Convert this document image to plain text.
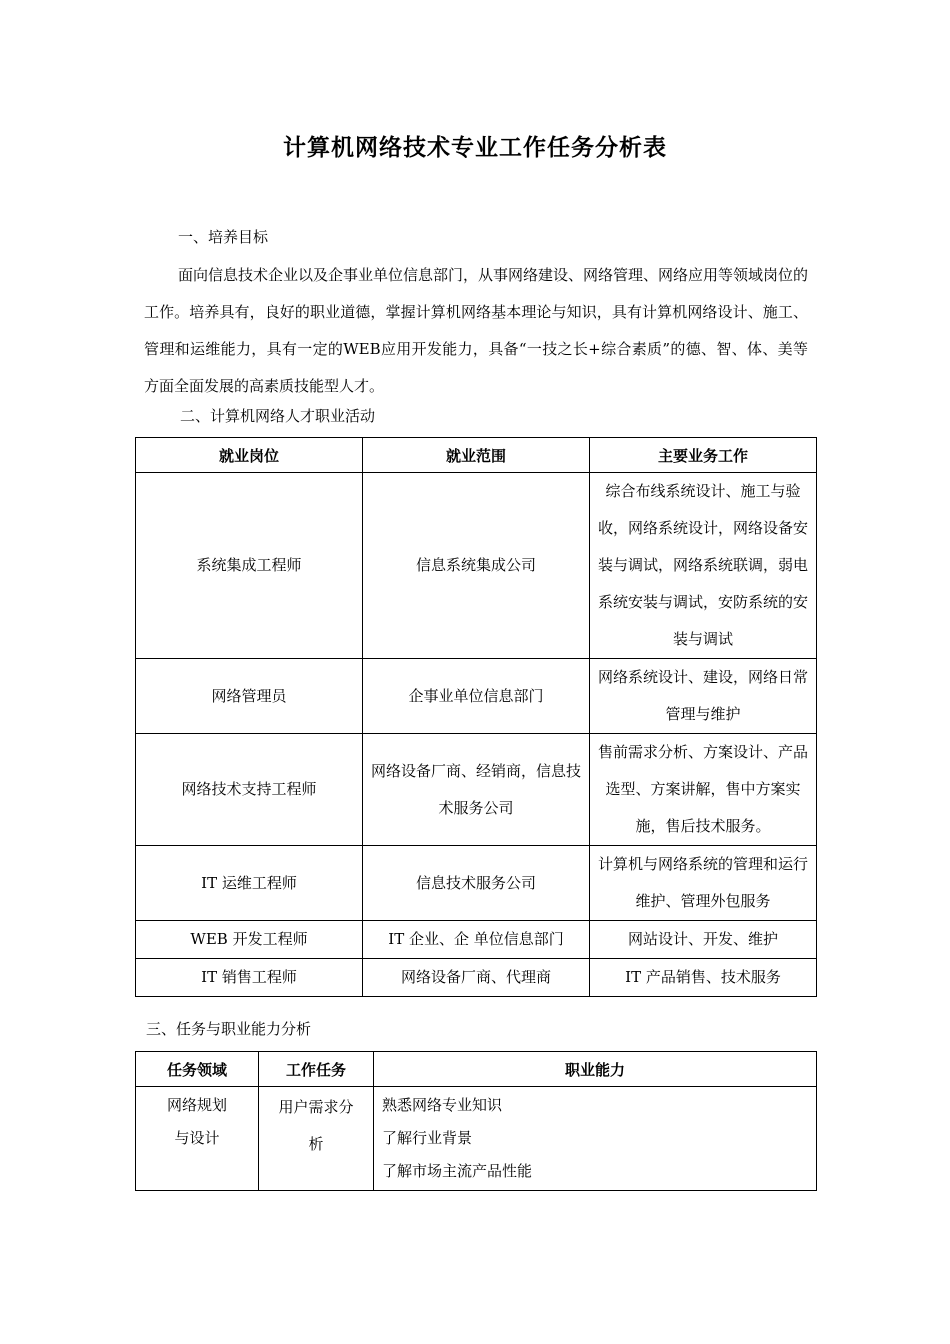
计算机网络技术专业工作任务分析表
一、培养目标
面向信息技术企业以及企事业单位信息部门，从事网络建设、网络管理、网络应用等领域岗位的工作。培养具有，良好的职业道德，掌握计算机网络基本理论与知识，具有计算机网络设计、施工、管理和运维能力，具有一定的WEB应用开发能力，具备“一技之长+综合素质”的德、智、体、美等方面全面发展的高素质技能型人才。
二、计算机网络人才职业活动
就业岗位	就业范围	主要业务工作
系统集成工程师	信息系统集成公司	综合布线系统设计、施工与验收，网络系统设计，网络设备安装与调试，网络系统联调，弱电系统安装与调试，安防系统的安装与调试
网络管理员	企事业单位信息部门	网络系统设计、建设，网络日常管理与维护
网络技术支持工程师	网络设备厂商、经销商，信息技术服务公司	售前需求分析、方案设计、产品选型、方案讲解，售中方案实施，售后技术服务。
IT 运维工程师	信息技术服务公司	计算机与网络系统的管理和运行维护、管理外包服务
WEB 开发工程师	IT 企业、企 单位信息部门	网站设计、开发、维护
IT 销售工程师	网络设备厂商、代理商	IT 产品销售、技术服务
三、任务与职业能力分析
任务领域	工作任务	职业能力
网络规划与设计	用户需求分析	熟悉网络专业知识
了解行业背景
了解市场主流产品性能
